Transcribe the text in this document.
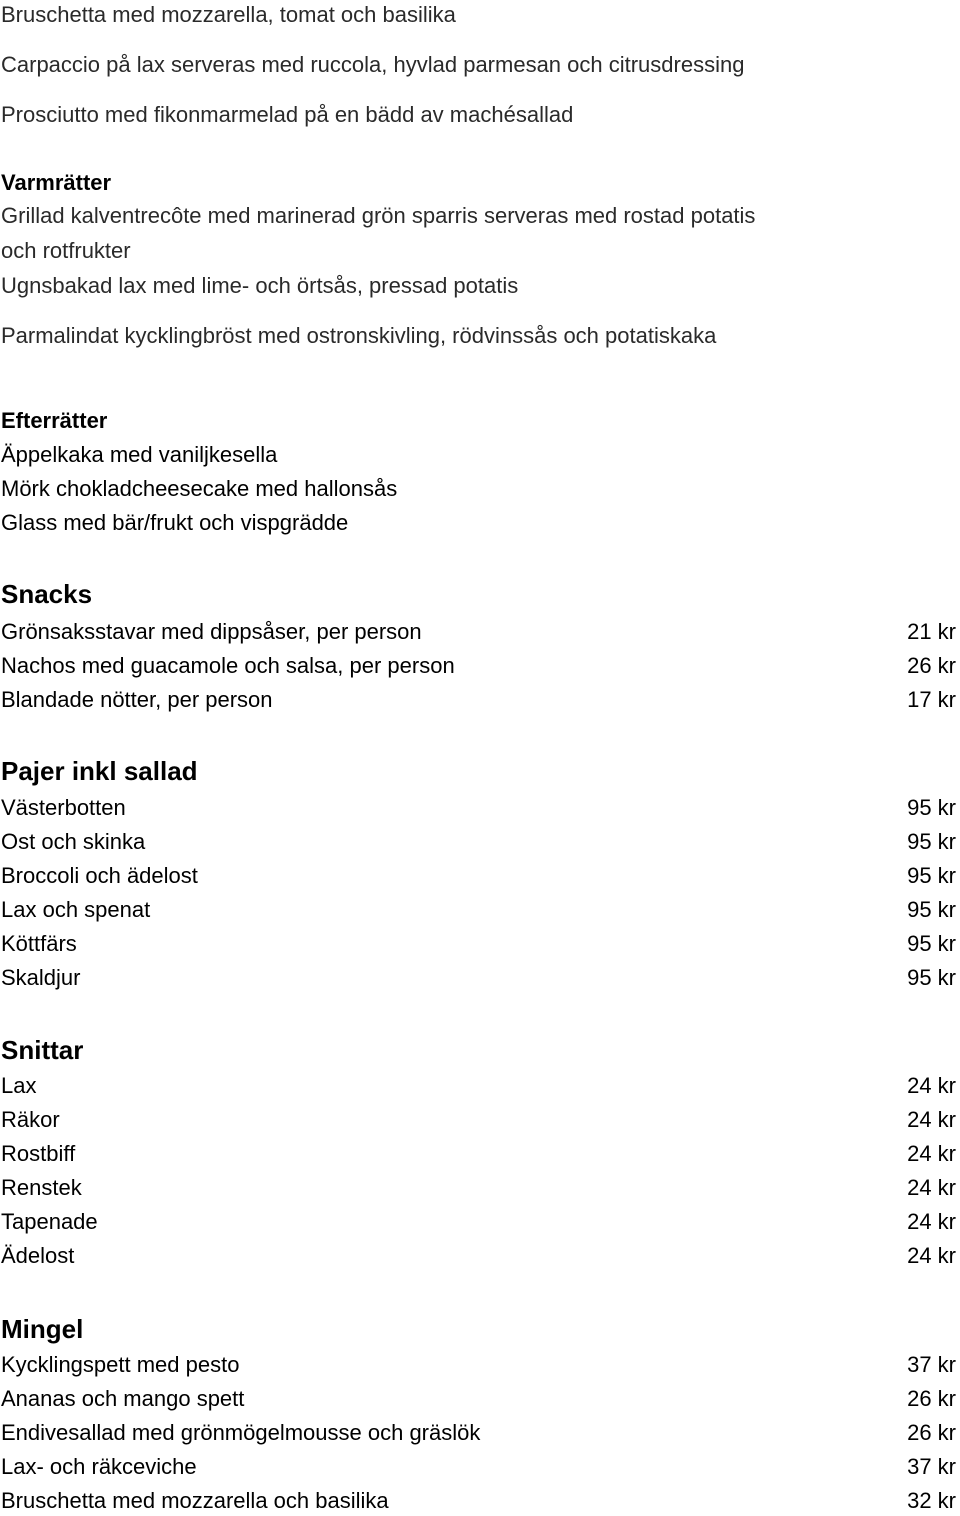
Bruschetta med mozzarella, tomat och basilika
Carpaccio på lax serveras med ruccola, hyvlad parmesan och citrusdressing
Prosciutto med fikonmarmelad på en bädd av machésallad
Varmrätter
Grillad kalventrecôte med marinerad grön sparris serveras med rostad potatis
och rotfrukter
Ugnsbakad lax med lime- och örtsås, pressad potatis
Parmalindat kycklingbröst med ostronskivling, rödvinssås och potatiskaka
Efterrätter
Äppelkaka med vaniljkesella
Mörk chokladcheesecake med hallonsås
Glass med bär/frukt och vispgrädde
Snacks
Grönsaksstavar med dippsåser, per person	21 kr
Nachos med guacamole och salsa, per person	26 kr
Blandade nötter, per person	17 kr
Pajer inkl sallad
Västerbotten	95 kr
Ost och skinka	95 kr
Broccoli och ädelost	95 kr
Lax och spenat	95 kr
Köttfärs	95 kr
Skaldjur	95 kr
Snittar
Lax	24 kr
Räkor	24 kr
Rostbiff	24 kr
Renstek	24 kr
Tapenade	24 kr
Ädelost	24 kr
Mingel
Kycklingspett med pesto	37 kr
Ananas och mango spett	26 kr
Endivesallad med grönmögelmousse och gräslök	26 kr
Lax- och räkceviche	37 kr
Bruschetta med mozzarella och basilika	32 kr
